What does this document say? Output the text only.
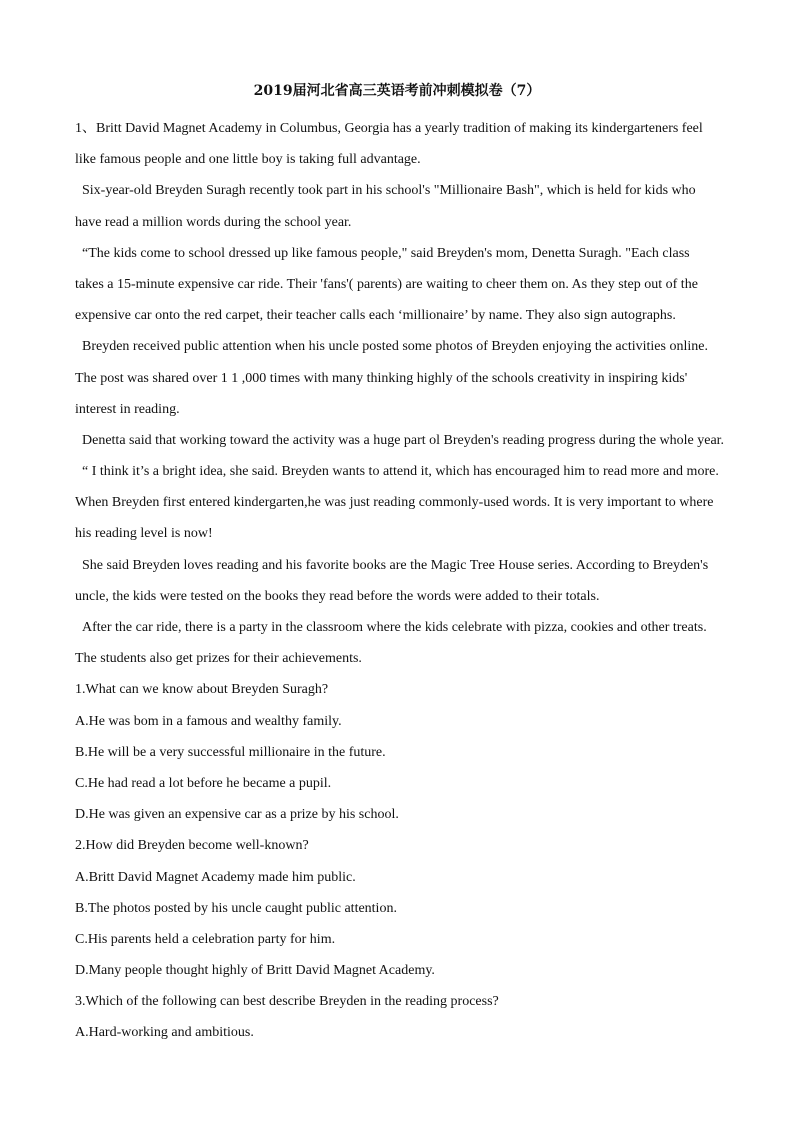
2019届河北省高三英语考前冲刺模拟卷（7）
1、Britt David Magnet Academy in Columbus, Georgia has a yearly tradition of making its kindergarteners feel
like famous people and one little boy is taking full advantage.
Six-year-old Breyden Suragh recently took part in his school's "Millionaire Bash", which is held for kids who
have read a million words during the school year.
“The kids come to school dressed up like famous people," said Breyden's mom, Denetta Suragh. "Each class
takes a 15-minute expensive car ride. Their 'fans'( parents) are waiting to cheer them on. As they step out of the
expensive car onto the red carpet, their teacher calls each ‘millionaire’ by name. They also sign autographs.
Breyden received public attention when his uncle posted some photos of Breyden enjoying the activities online.
The post was shared over 1 1 ,000 times with many thinking highly of the schools creativity in inspiring kids'
interest in reading.
Denetta said that working toward the activity was a huge part ol Breyden's reading progress during the whole year.
“ I think it’s a bright idea, she said. Breyden wants to attend it, which has encouraged him to read more and more.
When Breyden first entered kindergarten,he was just reading commonly-used words. It is very important to where
his reading level is now!
She said Breyden loves reading and his favorite books are the Magic Tree House series. According to Breyden's
uncle, the kids were tested on the books they read before the words were added to their totals.
After the car ride, there is a party in the classroom where the kids celebrate with pizza, cookies and other treats.
The students also get prizes for their achievements.
1.What can we know about Breyden Suragh?
A.He was bom in a famous and wealthy family.
B.He will be a very successful millionaire in the future.
C.He had read a lot before he became a pupil.
D.He was given an expensive car as a prize by his school.
2.How did Breyden become well-known?
A.Britt David Magnet Academy made him public.
B.The photos posted by his uncle caught public attention.
C.His parents held a celebration party for him.
D.Many people thought highly of Britt David Magnet Academy.
3.Which of the following can best describe Breyden in the reading process?
A.Hard-working and ambitious.
